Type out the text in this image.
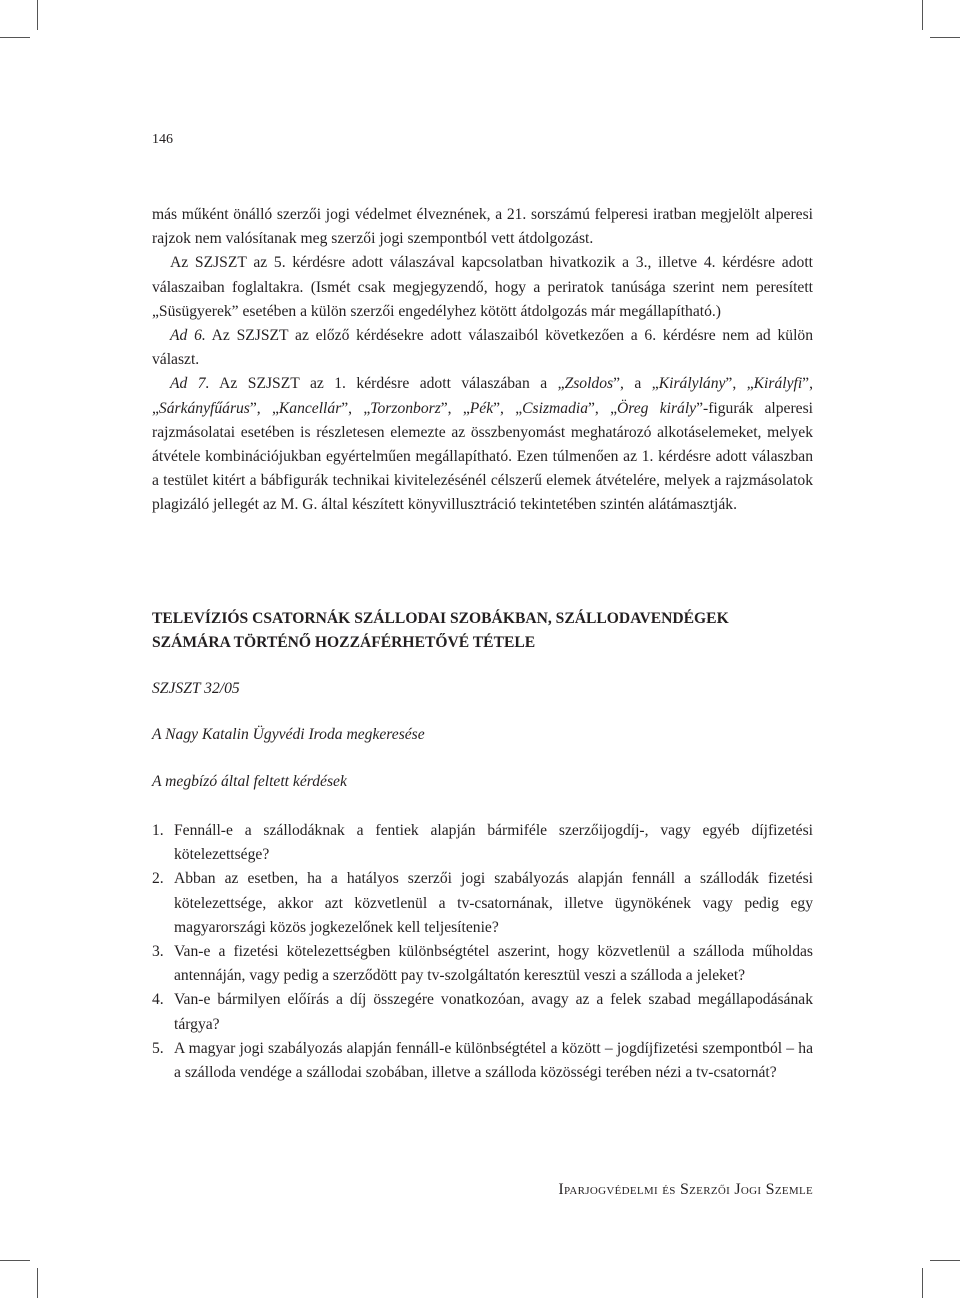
146

más műként önálló szerzői jogi védelmet élveznének, a 21. sorszámú felperesi iratban megjelölt alperesi rajzok nem valósítanak meg szerzői jogi szempontból vett átdolgozást.

Az SZJSZT az 5. kérdésre adott válaszával kapcsolatban hivatkozik a 3., illetve 4. kérdésre adott válaszaiban foglaltakra. (Ismét csak megjegyzendő, hogy a periratok tanúsága szerint nem peresített „Süsügyerek” esetében a külön szerzői engedélyhez kötött átdolgozás már megállapítható.)

Ad 6. Az SZJSZT az előző kérdésekre adott válaszaiból következően a 6. kérdésre nem ad külön választ.

Ad 7. Az SZJSZT az 1. kérdésre adott válaszában a „Zsoldos”, a „Királylány”, „Királyfi”, „Sárkányfűárus”, „Kancellár”, „Torzonborz”, „Pék”, „Csizmadia”, „Öreg király”-figurák alperesi rajzmásolatai esetében is részletesen elemezte az összbenyomást meghatározó alkotáselemeket, melyek átvétele kombinációjukban egyértelműen megállapítható. Ezen túlmenően az 1. kérdésre adott válaszban a testület kitért a bábfigurák technikai kivitelezésénél célszerű elemek átvételére, melyek a rajzmásolatok plagizáló jellegét az M. G. által készített könyvillusztráció tekintetében szintén alátámasztják.

TELEVÍZIÓS CSATORNÁK SZÁLLODAI SZOBÁKBAN, SZÁLLODAVENDÉGEK
SZÁMÁRA TÖRTÉNŐ HOZZÁFÉRHETŐVÉ TÉTELE
SZJSZT 32/05
A Nagy Katalin Ügyvédi Iroda megkeresése
A megbízó által feltett kérdések
1. Fennáll-e a szállodáknak a fentiek alapján bármiféle szerzőijogdíj-, vagy egyéb díjfizetési kötelezettsége?
2. Abban az esetben, ha a hatályos szerzői jogi szabályozás alapján fennáll a szállodák fizetési kötelezettsége, akkor azt közvetlenül a tv-csatornának, illetve ügynökének vagy pedig egy magyarországi közös jogkezelőnek kell teljesítenie?
3. Van-e a fizetési kötelezettségben különbségtétel aszerint, hogy közvetlenül a szálloda műholdas antennáján, vagy pedig a szerződött pay tv-szolgáltatón keresztül veszi a szálloda a jeleket?
4. Van-e bármilyen előírás a díj összegére vonatkozóan, avagy az a felek szabad megállapodásának tárgya?
5. A magyar jogi szabályozás alapján fennáll-e különbségtétel a között – jogdíjfizetési szempontból – ha a szálloda vendége a szállodai szobában, illetve a szálloda közösségi terében nézi a tv-csatornát?
Iparjogvédelmi és Szerzői Jogi Szemle
